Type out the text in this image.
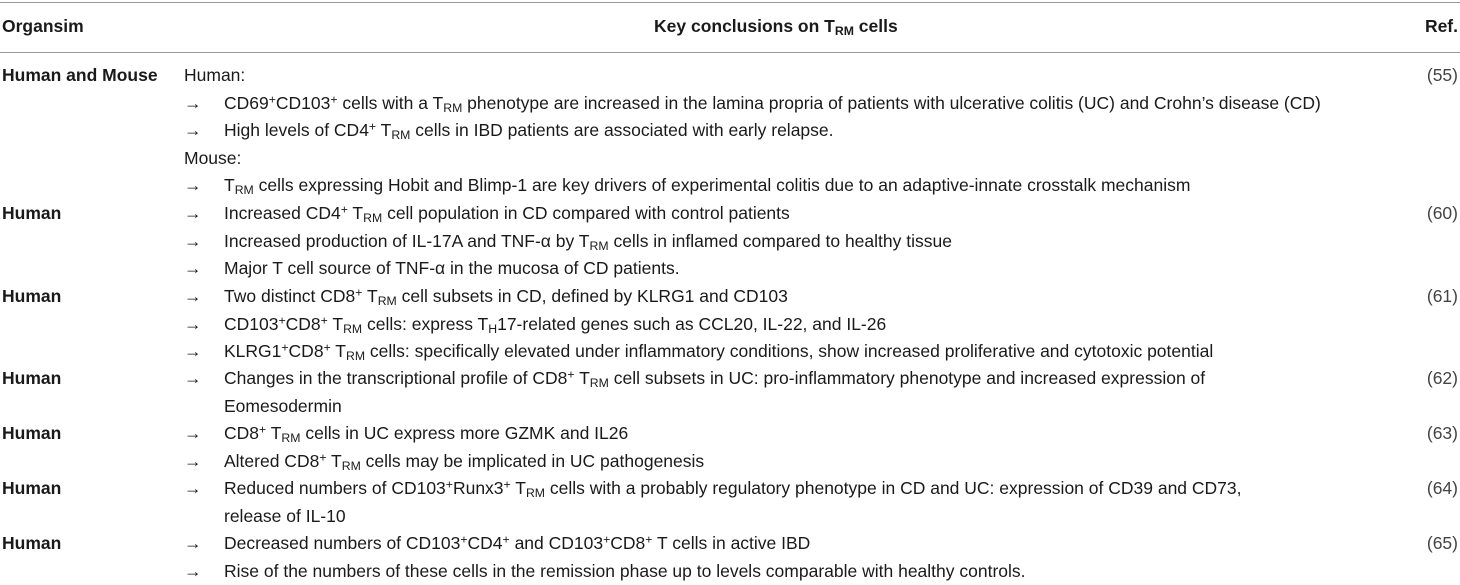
Organsim	Key conclusions on $T_{RM}$ cells	Ref.
Human and Mouse	Human:
→	CD69+CD103+ cells with a $T_{RM}$ phenotype are increased in the lamina propria of patients with ulcerative colitis (UC) and Crohn’s disease (CD)
→	High levels of CD4+ $T_{RM}$ cells in IBD patients are associated with early relapse.
Mouse:
→	$T_{RM}$ cells expressing Hobit and Blimp-1 are key drivers of experimental colitis due to an adaptive-innate crosstalk mechanism
(55)
Human	→	Increased CD4+ $T_{RM}$ cell population in CD compared with control patients
→	Increased production of IL-17A and TNF-α by $T_{RM}$ cells in inflamed compared to healthy tissue
→	Major T cell source of TNF-α in the mucosa of CD patients.
(60)
Human	→	Two distinct CD8+ $T_{RM}$ cell subsets in CD, defined by KLRG1 and CD103
→	CD103+CD8+ $T_{RM}$ cells: express $T_H17$-related genes such as CCL20, IL-22, and IL-26
→	KLRG1+CD8+ $T_{RM}$ cells: specifically elevated under inflammatory conditions, show increased proliferative and cytotoxic potential
(61)
Human	→	Changes in the transcriptional profile of CD8+ $T_{RM}$ cell subsets in UC: pro-inflammatory phenotype and increased expression of
Eomesodermin
(62)
Human	→	CD8+ $T_{RM}$ cells in UC express more GZMK and IL26
→	Altered CD8+ $T_{RM}$ cells may be implicated in UC pathogenesis
(63)
Human	→	Reduced numbers of CD103+Runx3+ $T_{RM}$ cells with a probably regulatory phenotype in CD and UC: expression of CD39 and CD73,
release of IL-10
(64)
Human	→	Decreased numbers of CD103+CD4+ and CD103+CD8+ T cells in active IBD
→	Rise of the numbers of these cells in the remission phase up to levels comparable with healthy controls.
(65)
